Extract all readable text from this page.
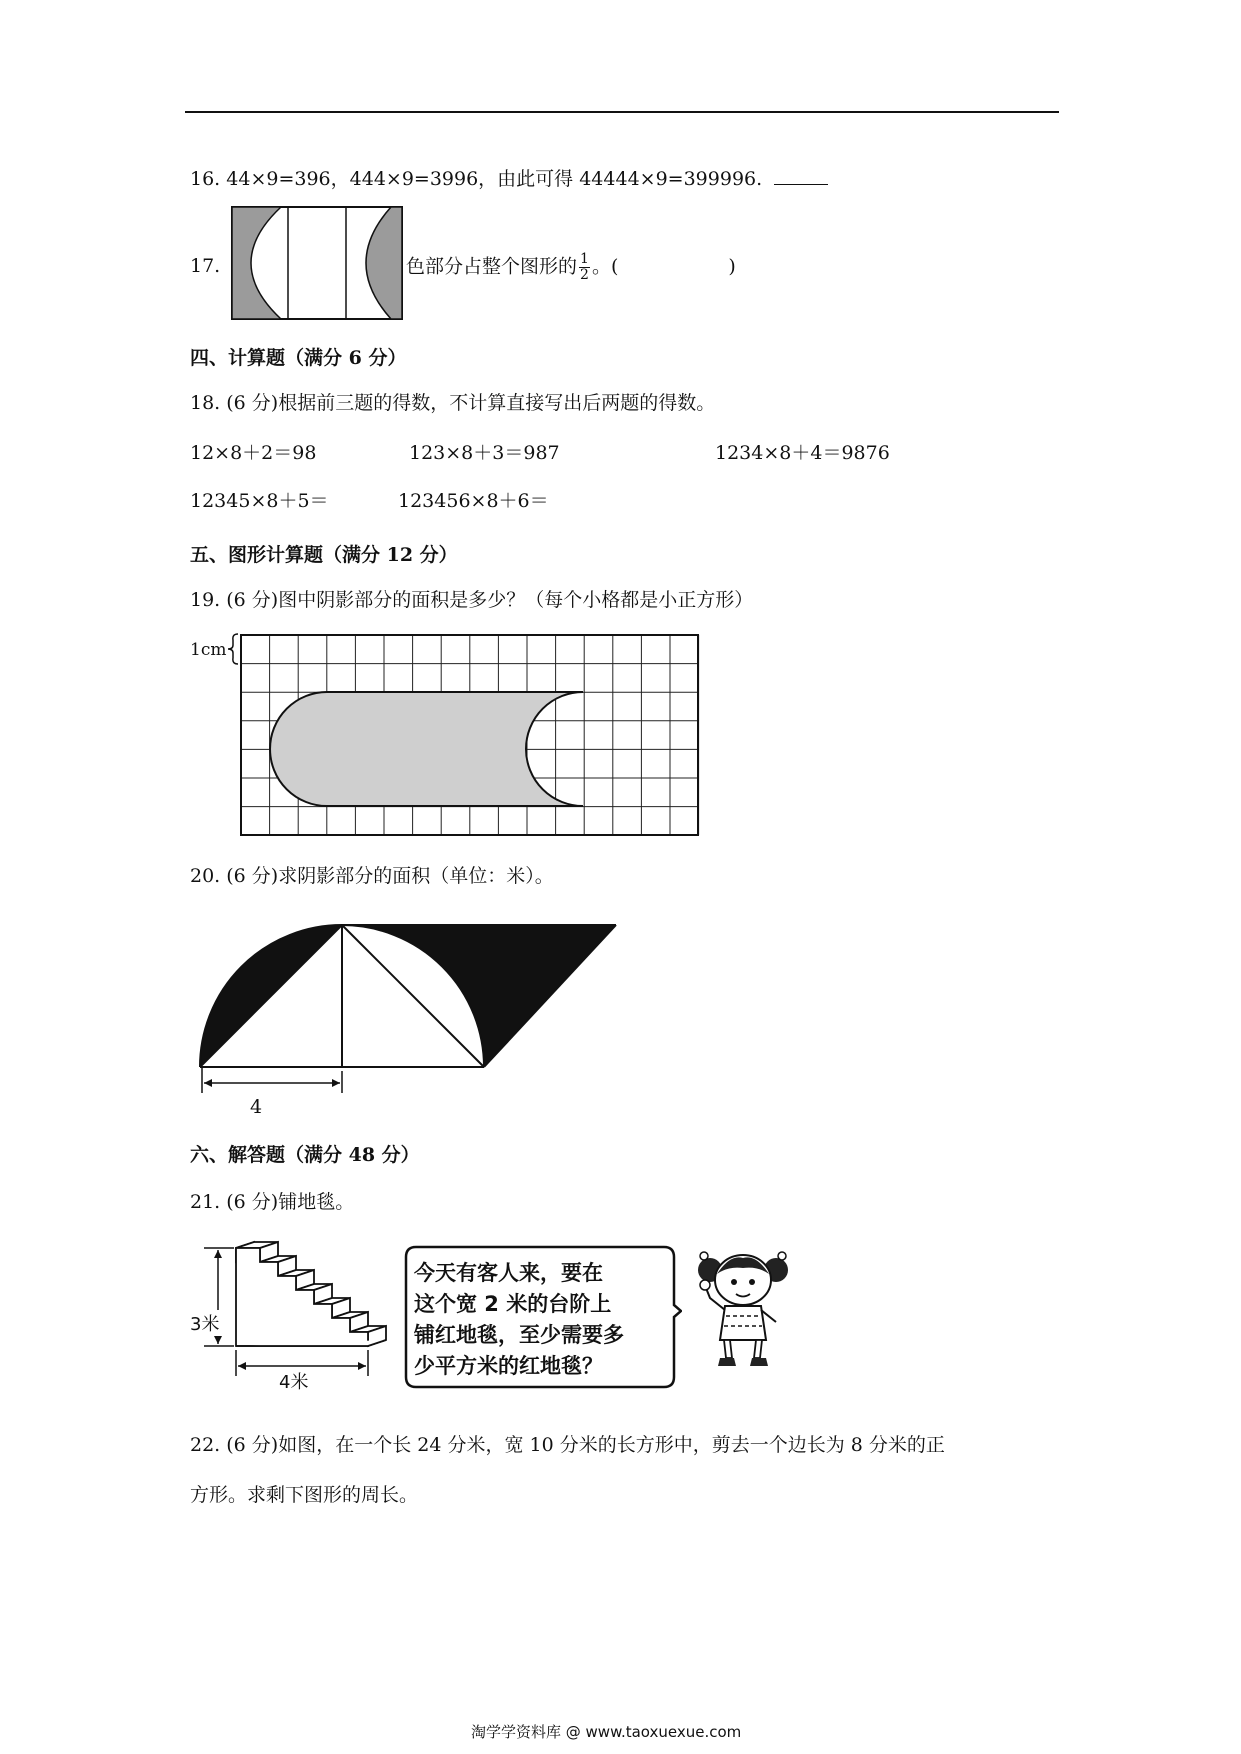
16. 44×9=396，444×9=3996，由此可得 44444×9=399996.
17.	色部分占整个图形的 $\frac{1}{2}$ 。(	)
四、计算题（满分 6 分）
18. (6 分)根据前三题的得数，不计算直接写出后两题的得数。
12×8＋2＝98	123×8＋3＝987	1234×8＋4＝9876
12345×8＋5＝	123456×8＋6＝
五、图形计算题（满分 12 分）
19. (6 分)图中阴影部分的面积是多少？（每个小格都是小正方形）
1cm
20. (6 分)求阴影部分的面积（单位：米）。
4
六、解答题（满分 48 分）
21. (6 分)铺地毯。
3米
4米
今天有客人来，要在
这个宽 2 米的台阶上
铺红地毯，至少需要多
少平方米的红地毯？
22. (6 分)如图，在一个长 24 分米，宽 10 分米的长方形中，剪去一个边长为 8 分米的正
方形。求剩下图形的周长。
淘学学资料库 @ www.taoxuexue.com
